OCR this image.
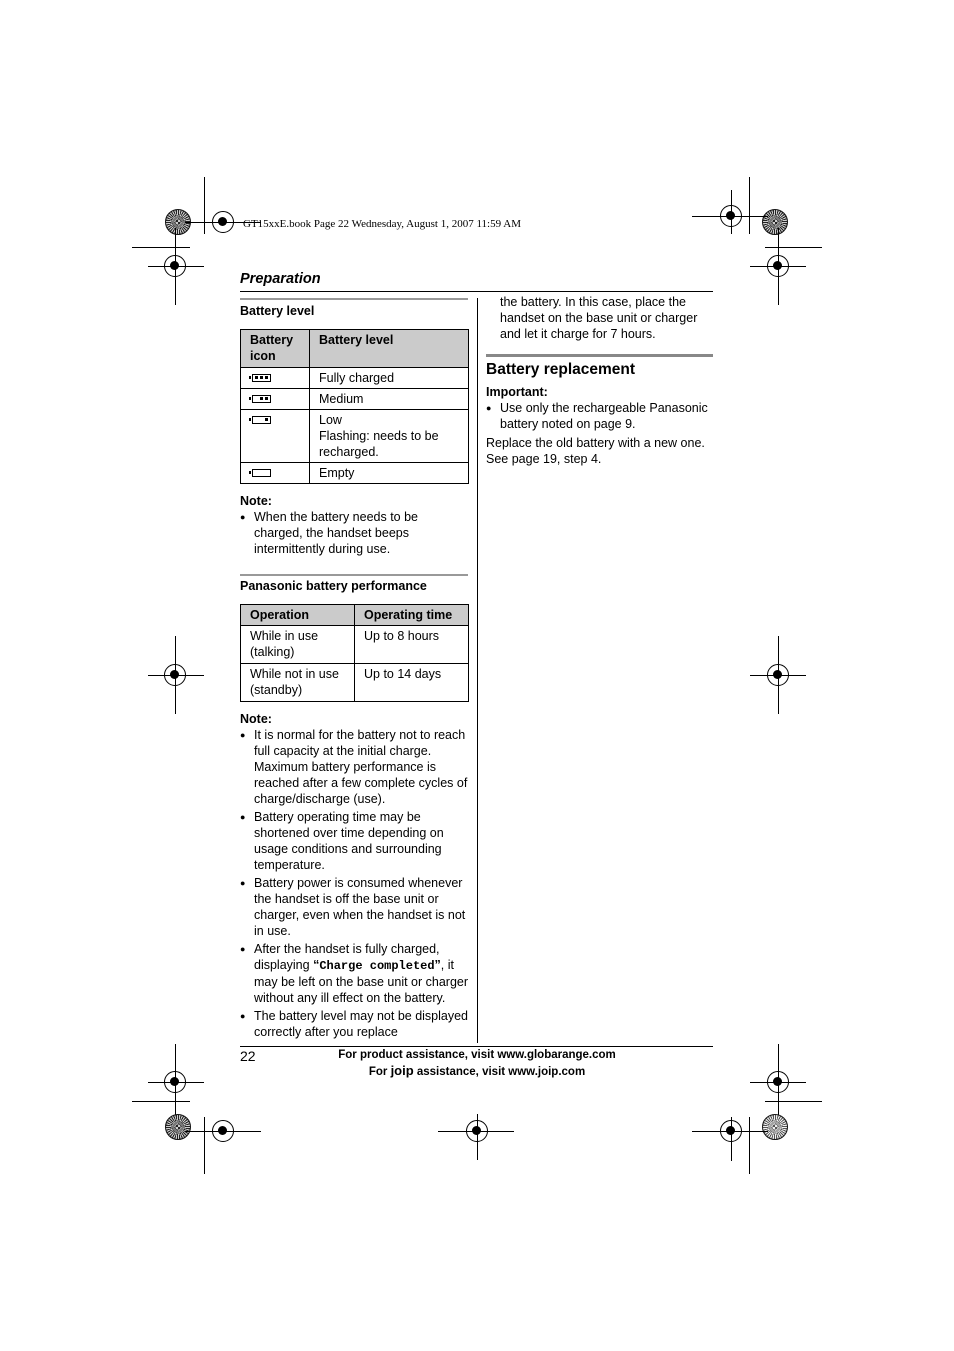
GT15xxE.book Page 22 Wednesday, August 1, 2007 11:59 AM
Preparation
Battery level
Battery icon	Battery level

	Fully charged

	Medium

	Low
Flashing: needs to be
recharged.

	Empty
Note:
● When the battery needs to be charged, the handset beeps intermittently during use.
Panasonic battery performance
Operation	Operating time
While in use (talking)	Up to 8 hours
While not in use (standby)	Up to 14 days
Note:
● It is normal for the battery not to reach full capacity at the initial charge. Maximum battery performance is reached after a few complete cycles of charge/discharge (use).
● Battery operating time may be shortened over time depending on usage conditions and surrounding temperature.
● Battery power is consumed whenever the handset is off the base unit or charger, even when the handset is not in use.
● After the handset is fully charged, displaying “Charge completed”, it may be left on the base unit or charger without any ill effect on the battery.
● The battery level may not be displayed correctly after you replace
the battery. In this case, place the handset on the base unit or charger and let it charge for 7 hours.
Battery replacement
Important:
● Use only the rechargeable Panasonic battery noted on page 9.
Replace the old battery with a new one. See page 19, step 4.
22	For product assistance, visit www.globarange.com
For joip assistance, visit www.joip.com
